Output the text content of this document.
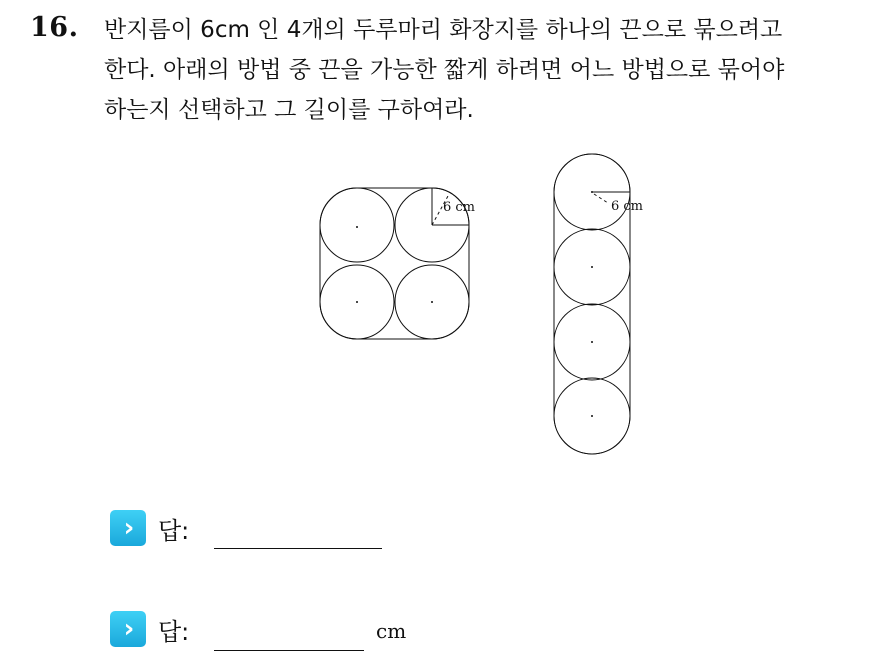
16. 반지름이 6cm 인 4개의 두루마리 화장지를 하나의 끈으로 묶으려고
한다. 아래의 방법 중 끈을 가능한 짧게 하려면 어느 방법으로 묶어야
하는지 선택하고 그 길이를 구하여라.
6 cm	6 cm
› 답:
› 답:	cm
